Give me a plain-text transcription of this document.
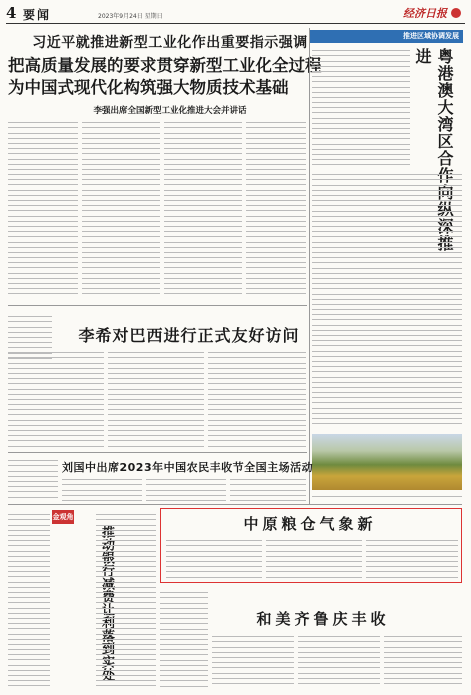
4 要闻	2023年9月24日 星期日	经济日报
习近平就推进新型工业化作出重要指示强调
把高质量发展的要求贯穿新型工业化全过程
为中国式现代化构筑强大物质技术基础
李强出席全国新型工业化推进大会并讲话
推进区域协调发展
粤港澳大湾区合作向纵深推进
李希对巴西进行正式友好访问
刘国中出席2023年中国农民丰收节全国主场活动
金观角
推动银行减费让利落到实处
中原粮仓气象新
和美齐鲁庆丰收
